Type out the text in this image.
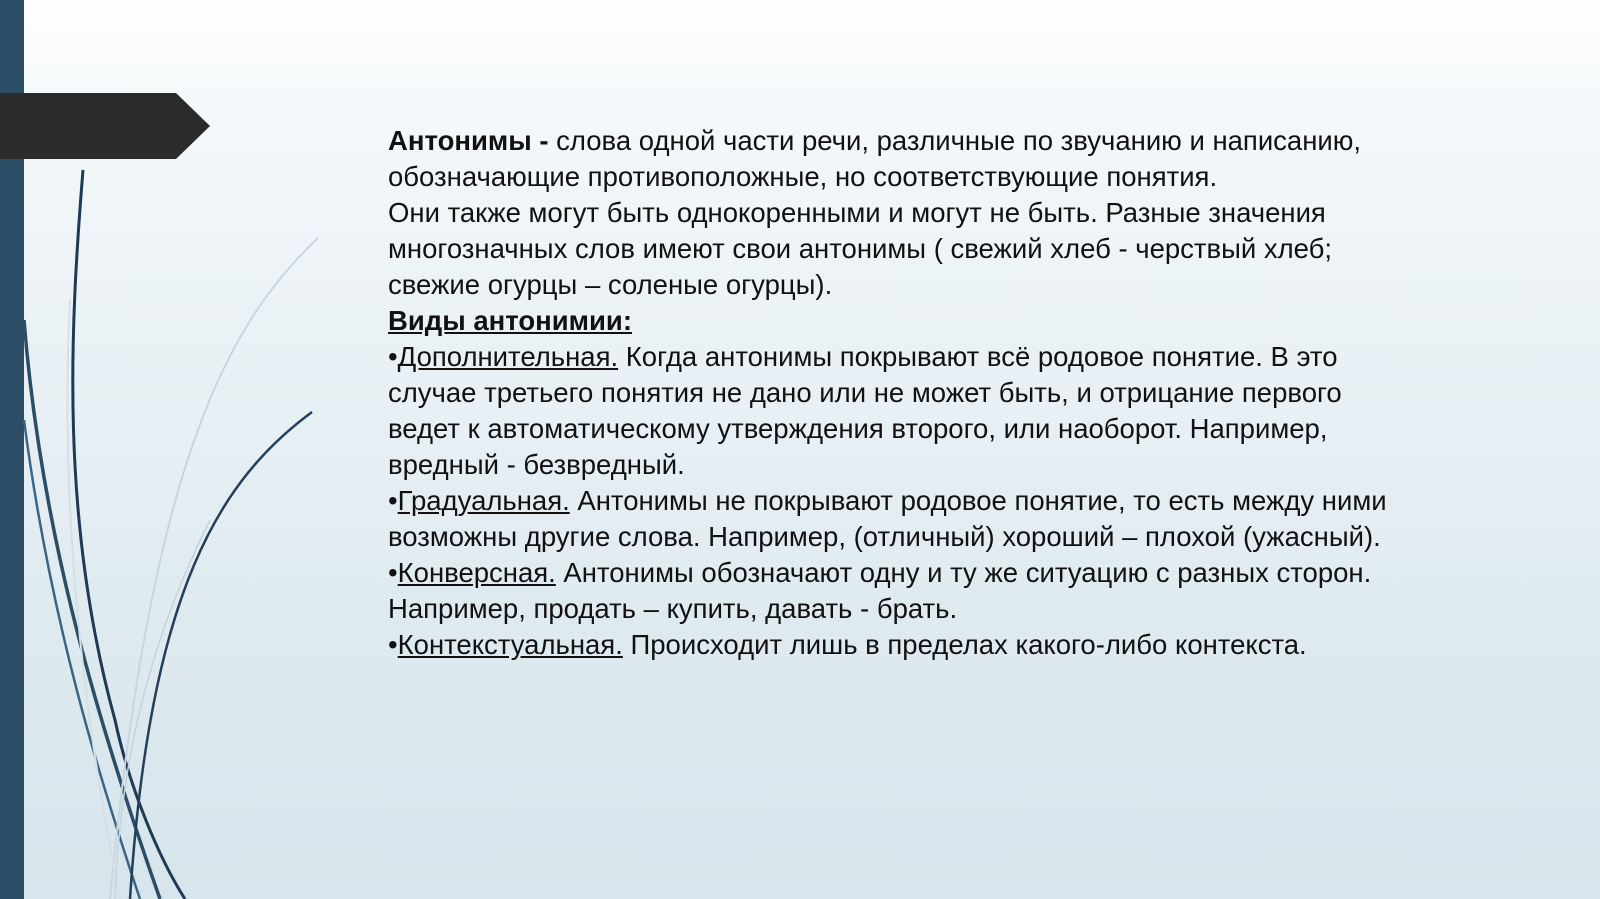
Антонимы - слова одной части речи, различные по звучанию и написанию, обозначающие противоположные, но соответствующие понятия.

Они также могут быть однокоренными и могут не быть. Разные значения многозначных слов имеют свои антонимы ( свежий хлеб - черствый хлеб; свежие огурцы – соленые огурцы).

Виды антонимии:

•Дополнительная. Когда антонимы покрывают всё родовое понятие. В это случае третьего понятия не дано или не может быть, и отрицание первого ведет к автоматическому утверждения второго, или наоборот. Например, вредный - безвредный.

•Градуальная. Антонимы не покрывают родовое понятие, то есть между ними возможны другие слова. Например, (отличный) хороший – плохой (ужасный).

•Конверсная. Антонимы обозначают одну и ту же ситуацию с разных сторон. Например, продать – купить, давать - брать.

•Контекстуальная. Происходит лишь в пределах какого-либо контекста.
